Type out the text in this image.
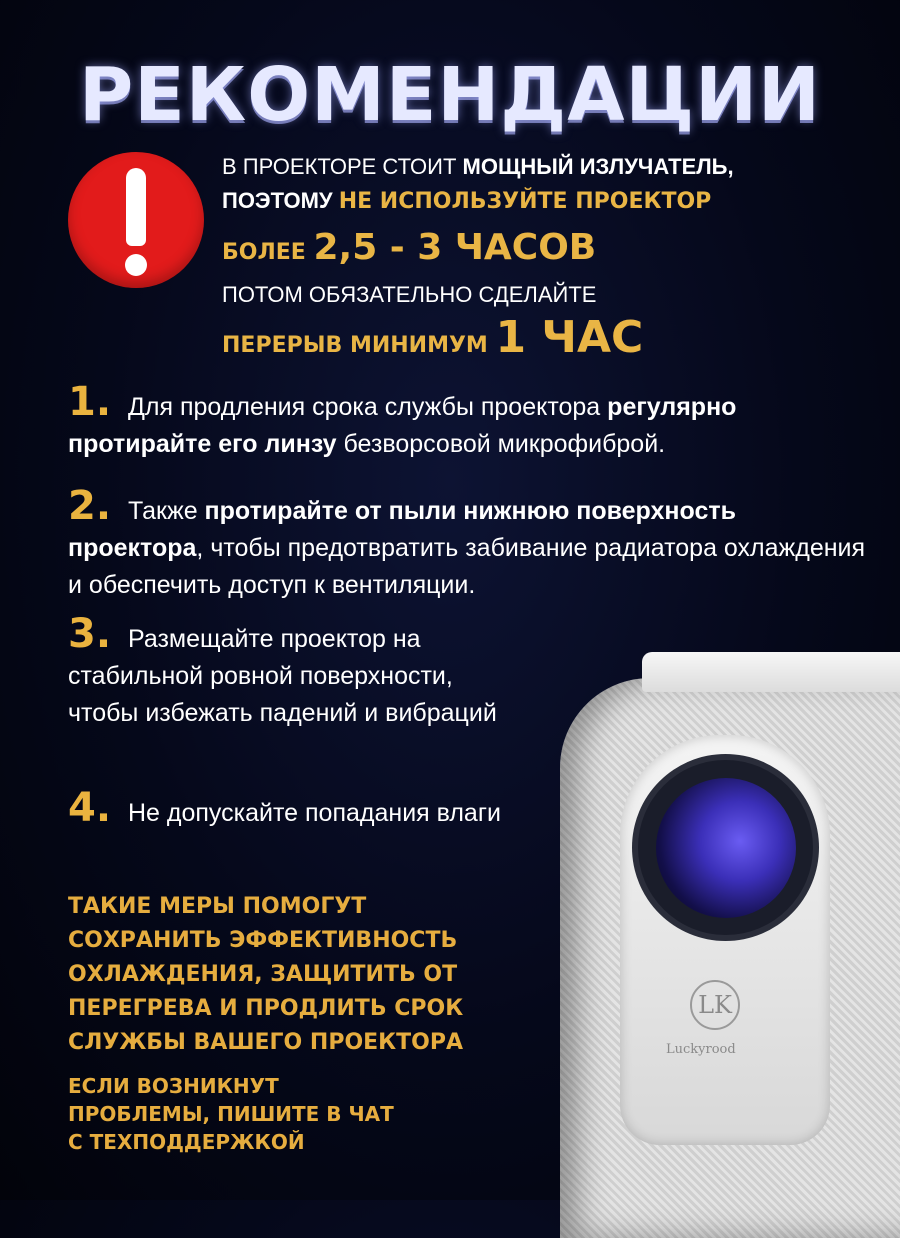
РЕКОМЕНДАЦИИ
В ПРОЕКТОРЕ СТОИТ МОЩНЫЙ ИЗЛУЧАТЕЛЬ,
ПОЭТОМУ НЕ ИСПОЛЬЗУЙТЕ ПРОЕКТОР
БОЛЕЕ 2,5 - 3 ЧАСОВ
ПОТОМ ОБЯЗАТЕЛЬНО СДЕЛАЙТЕ
ПЕРЕРЫВ МИНИМУМ 1 ЧАС
1. Для продления срока службы проектора регулярно протирайте его линзу безворсовой микрофиброй.
2. Также протирайте от пыли нижнюю поверхность проектора, чтобы предотвратить забивание радиатора охлаждения и обеспечить доступ к вентиляции.
3. Размещайте проектор на стабильной ровной поверхности, чтобы избежать падений и вибраций
4. Не допускайте попадания влаги
ТАКИЕ МЕРЫ ПОМОГУТ
СОХРАНИТЬ ЭФФЕКТИВНОСТЬ
ОХЛАЖДЕНИЯ, ЗАЩИТИТЬ ОТ
ПЕРЕГРЕВА И ПРОДЛИТЬ СРОК
СЛУЖБЫ ВАШЕГО ПРОЕКТОРА
ЕСЛИ ВОЗНИКНУТ
ПРОБЛЕМЫ, ПИШИТЕ В ЧАТ
С ТЕХПОДДЕРЖКОЙ
LK
Luckyrood
